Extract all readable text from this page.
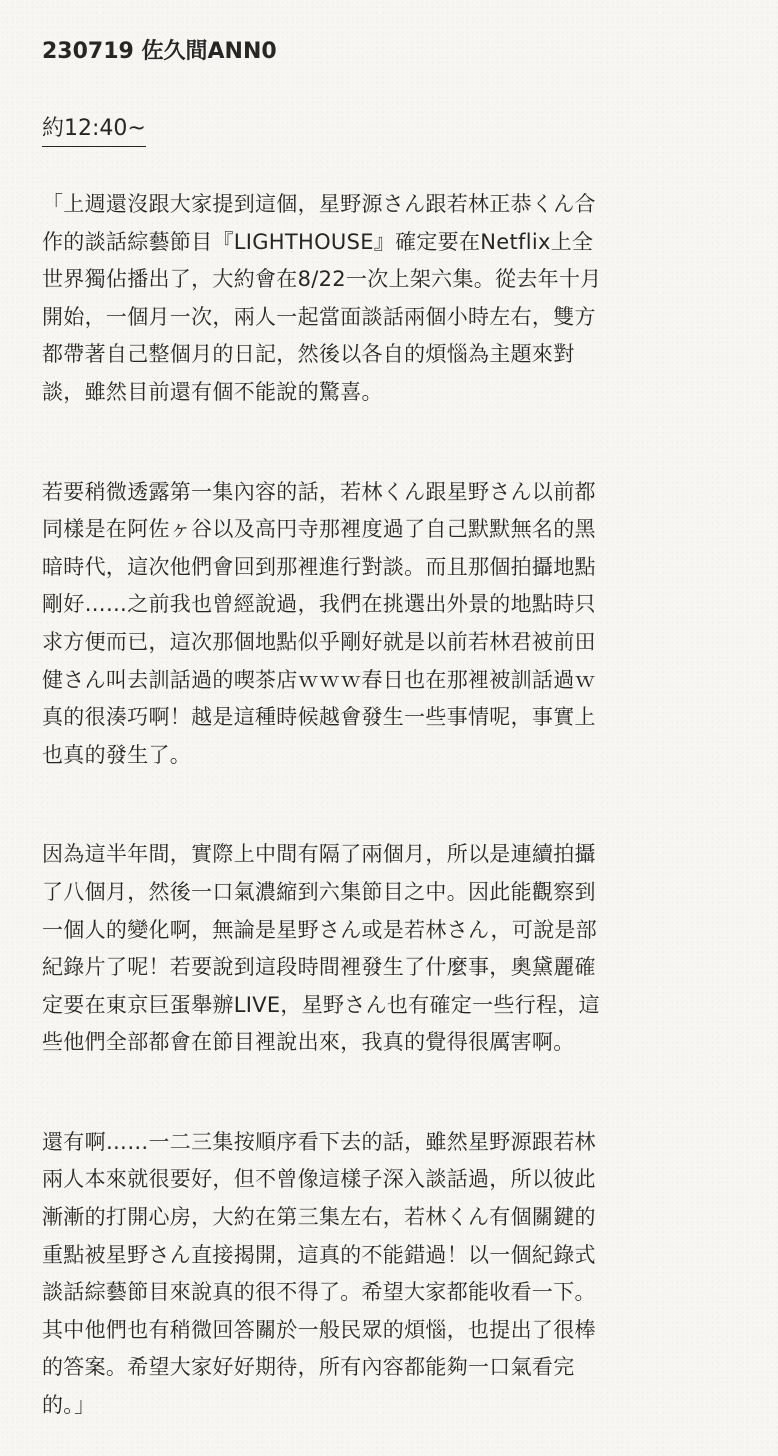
230719 佐久間ANN0
約12:40~

「上週還沒跟大家提到這個，星野源さん跟若林正恭くん合
作的談話綜藝節目『LIGHTHOUSE』確定要在Netflix上全
世界獨佔播出了，大約會在8/22一次上架六集。從去年十月
開始，一個月一次，兩人一起當面談話兩個小時左右，雙方
都帶著自己整個月的日記，然後以各自的煩惱為主題來對
談，雖然目前還有個不能說的驚喜。

若要稍微透露第一集內容的話，若林くん跟星野さん以前都
同樣是在阿佐ヶ谷以及高円寺那裡度過了自己默默無名的黑
暗時代，這次他們會回到那裡進行對談。而且那個拍攝地點
剛好……之前我也曾經說過，我們在挑選出外景的地點時只
求方便而已，這次那個地點似乎剛好就是以前若林君被前田
健さん叫去訓話過的喫茶店ｗｗｗ春日也在那裡被訓話過ｗ
真的很湊巧啊！越是這種時候越會發生一些事情呢，事實上
也真的發生了。

因為這半年間，實際上中間有隔了兩個月，所以是連續拍攝
了八個月，然後一口氣濃縮到六集節目之中。因此能觀察到
一個人的變化啊，無論是星野さん或是若林さん，可說是部
紀錄片了呢！若要說到這段時間裡發生了什麼事，奧黛麗確
定要在東京巨蛋舉辦LIVE，星野さん也有確定一些行程，這
些他們全部都會在節目裡說出來，我真的覺得很厲害啊。

還有啊……一二三集按順序看下去的話，雖然星野源跟若林
兩人本來就很要好，但不曾像這樣子深入談話過，所以彼此
漸漸的打開心房，大約在第三集左右，若林くん有個關鍵的
重點被星野さん直接揭開，這真的不能錯過！以一個紀錄式
談話綜藝節目來說真的很不得了。希望大家都能收看一下。
其中他們也有稍微回答關於一般民眾的煩惱，也提出了很棒
的答案。希望大家好好期待，所有內容都能夠一口氣看完
的。」
